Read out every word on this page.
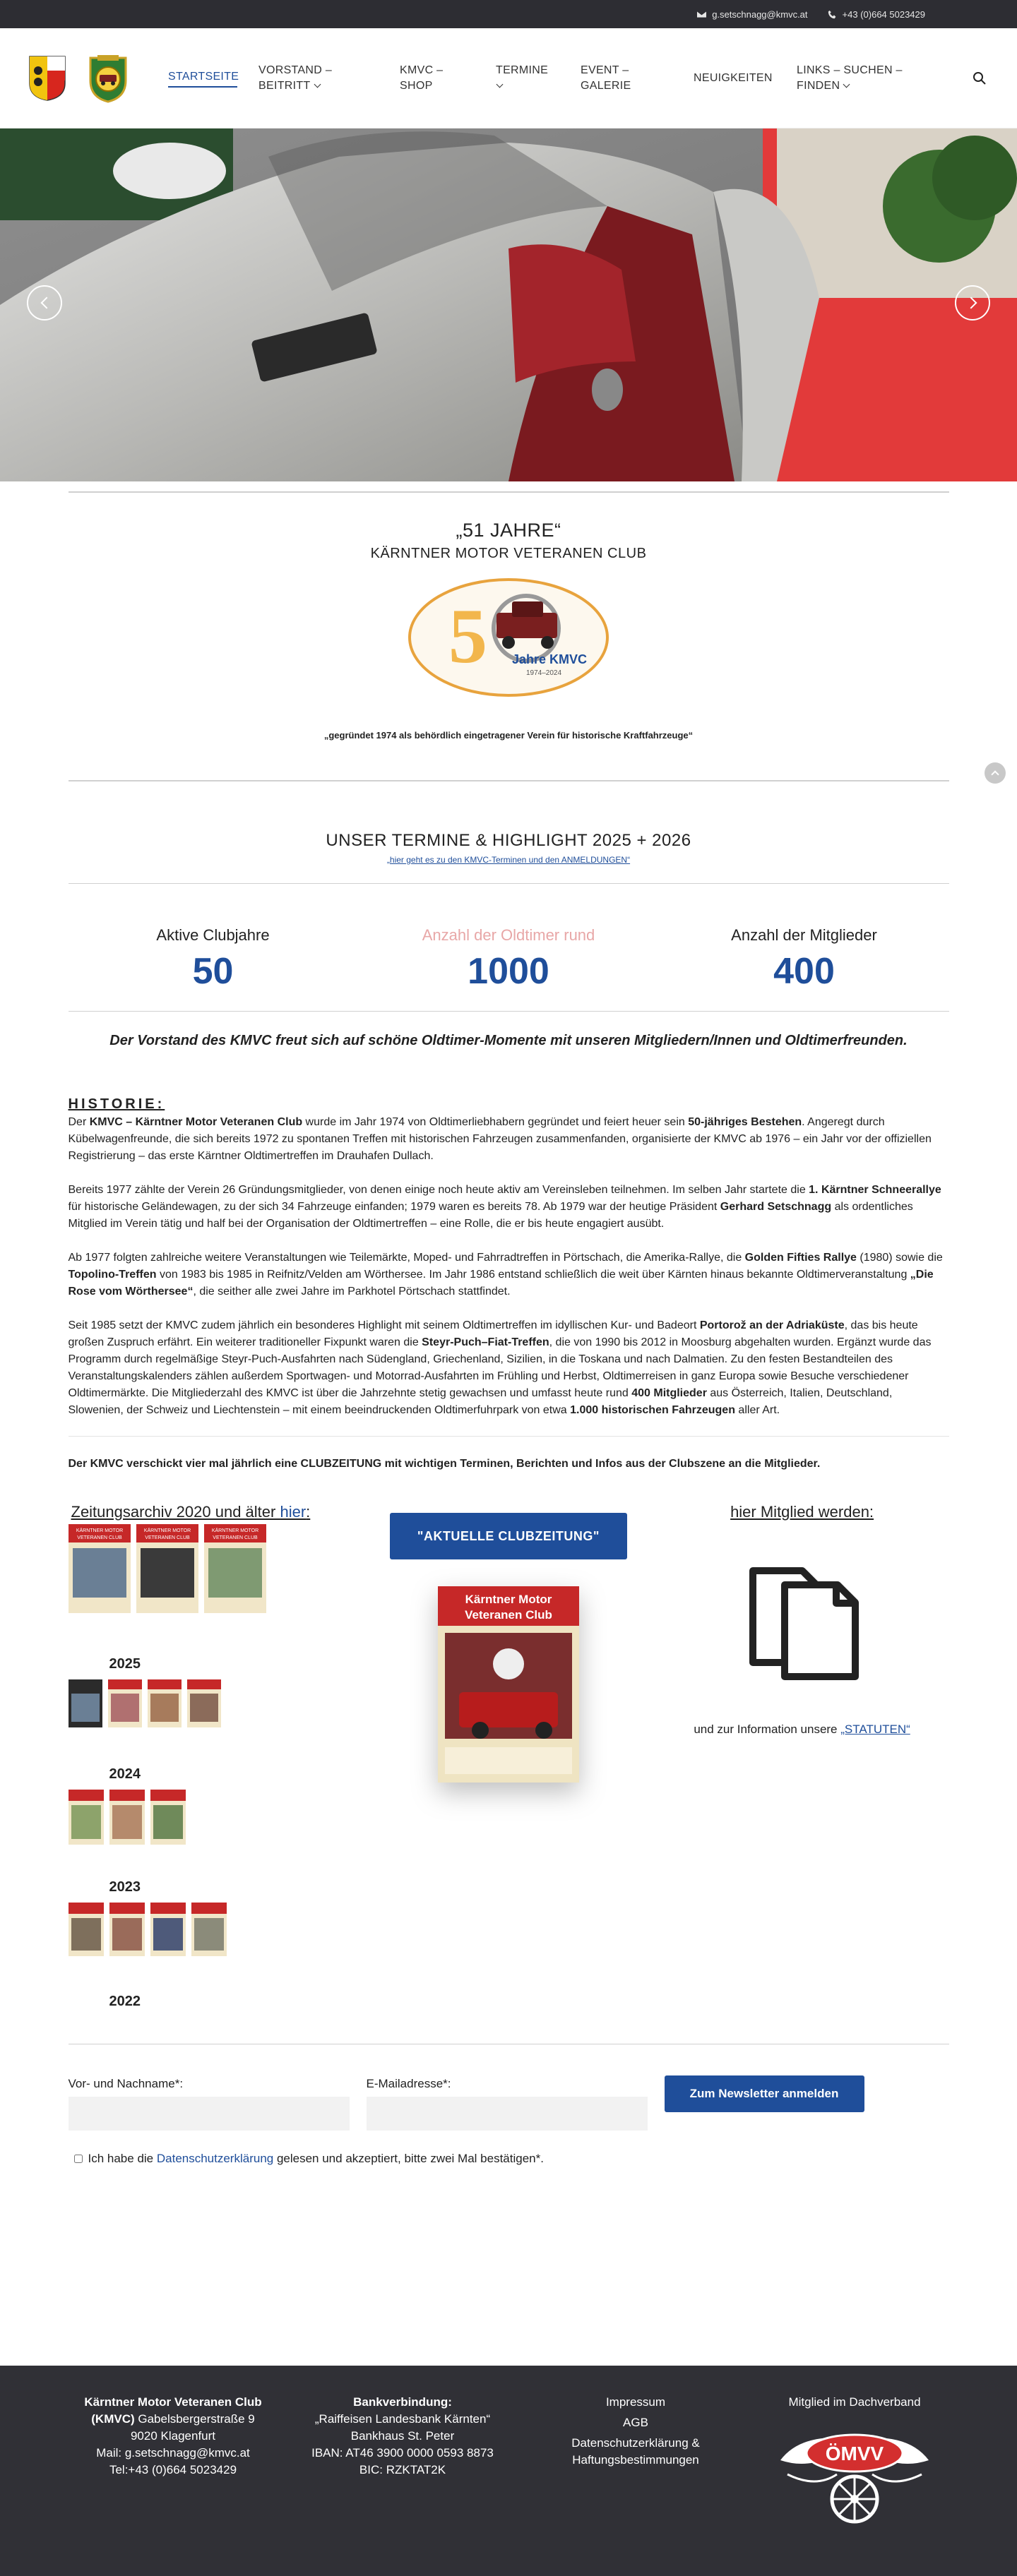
g.setschnagg@kmvc.at	+43 (0)664 5023429
STARTSEITE
VORSTAND –
BEITRITT
KMVC –
SHOP
TERMINE	EVENT –
GALERIE
NEUIGKEITEN
LINKS – SUCHEN –
FINDEN
„51 JAHRE“
KÄRNTNER MOTOR VETERANEN CLUB
5 Jahre KMVC
1974–2024

„gegründet 1974 als behördlich eingetragener Verein für historische Kraftfahrzeuge“

UNSER TERMINE & HIGHLIGHT 2025 + 2026
„hier geht es zu den KMVC-Terminen und den ANMELDUNGEN“
Aktive Clubjahre
50
Anzahl der Oldtimer rund
1000
Anzahl der Mitglieder
400

Der Vorstand des KMVC freut sich auf schöne Oldtimer-Momente mit unseren Mitgliedern/Innen und Oldtimerfreunden.

HISTORIE:

Der KMVC – Kärntner Motor Veteranen Club wurde im Jahr 1974 von Oldtimerliebhabern gegründet und feiert heuer sein 50-jähriges Bestehen. Angeregt durch Kübelwagenfreunde, die sich bereits 1972 zu spontanen Treffen mit historischen Fahrzeugen zusammenfanden, organisierte der KMVC ab 1976 – ein Jahr vor der offiziellen Registrierung – das erste Kärntner Oldtimertreffen im Drauhafen Dullach.

Bereits 1977 zählte der Verein 26 Gründungsmitglieder, von denen einige noch heute aktiv am Vereinsleben teilnehmen. Im selben Jahr startete die 1. Kärntner Schneerallye für historische Geländewagen, zu der sich 34 Fahrzeuge einfanden; 1979 waren es bereits 78. Ab 1979 war der heutige Präsident Gerhard Setschnagg als ordentliches Mitglied im Verein tätig und half bei der Organisation der Oldtimertreffen – eine Rolle, die er bis heute engagiert ausübt.

Ab 1977 folgten zahlreiche weitere Veranstaltungen wie Teilemärkte, Moped- und Fahrradtreffen in Pörtschach, die Amerika-Rallye, die Golden Fifties Rallye (1980) sowie die Topolino-Treffen von 1983 bis 1985 in Reifnitz/Velden am Wörthersee. Im Jahr 1986 entstand schließlich die weit über Kärnten hinaus bekannte Oldtimerveranstaltung „Die Rose vom Wörthersee“, die seither alle zwei Jahre im Parkhotel Pörtschach stattfindet.

Seit 1985 setzt der KMVC zudem jährlich ein besonderes Highlight mit seinem Oldtimertreffen im idyllischen Kur- und Badeort Portorož an der Adriaküste, das bis heute großen Zuspruch erfährt. Ein weiterer traditioneller Fixpunkt waren die Steyr-Puch–Fiat-Treffen, die von 1990 bis 2012 in Moosburg abgehalten wurden. Ergänzt wurde das Programm durch regelmäßige Steyr-Puch-Ausfahrten nach Südengland, Griechenland, Sizilien, in die Toskana und nach Dalmatien. Zu den festen Bestandteilen des Veranstaltungskalenders zählen außerdem Sportwagen- und Motorrad-Ausfahrten im Frühling und Herbst, Oldtimerreisen in ganz Europa sowie Besuche verschiedener Oldtimermärkte. Die Mitgliederzahl des KMVC ist über die Jahrzehnte stetig gewachsen und umfasst heute rund 400 Mitglieder aus Österreich, Italien, Deutschland, Slowenien, der Schweiz und Liechtenstein – mit einem beeindruckenden Oldtimerfuhrpark von etwa 1.000 historischen Fahrzeugen aller Art.

Der KMVC verschickt vier mal jährlich eine CLUBZEITUNG mit wichtigen Terminen, Berichten und Infos aus der Clubszene an die Mitglieder.

Zeitungsarchiv 2020 und älter hier:
KÄRNTNER MOTOR
VETERANEN CLUB
KÄRNTNER MOTOR
VETERANEN CLUB
KÄRNTNER MOTOR
VETERANEN CLUB
2025
2024
2023
2022
"AKTUELLE CLUBZEITUNG"
Kärntner Motor
Veteranen Club
hier Mitglied werden:

und zur Information unsere „STATUTEN“

Vor- und Nachname*:	E-Mailadresse*:
Zum Newsletter anmelden
Ich habe die Datenschutzerklärung gelesen und akzeptiert, bitte zwei Mal bestätigen*.
Kärntner Motor Veteranen Club
(KMVC) Gabelsbergerstraße 9
9020 Klagenfurt
Mail: g.setschnagg@kmvc.at
Tel:+43 (0)664 5023429
Bankverbindung:
„Raiffeisen Landesbank Kärnten“
Bankhaus St. Peter
IBAN: AT46 3900 0000 0593 8873
BIC: RZKTAT2K
Impressum
AGB
Datenschutzerklärung &
Haftungsbestimmungen
Mitglied im Dachverband
ÖMVV
